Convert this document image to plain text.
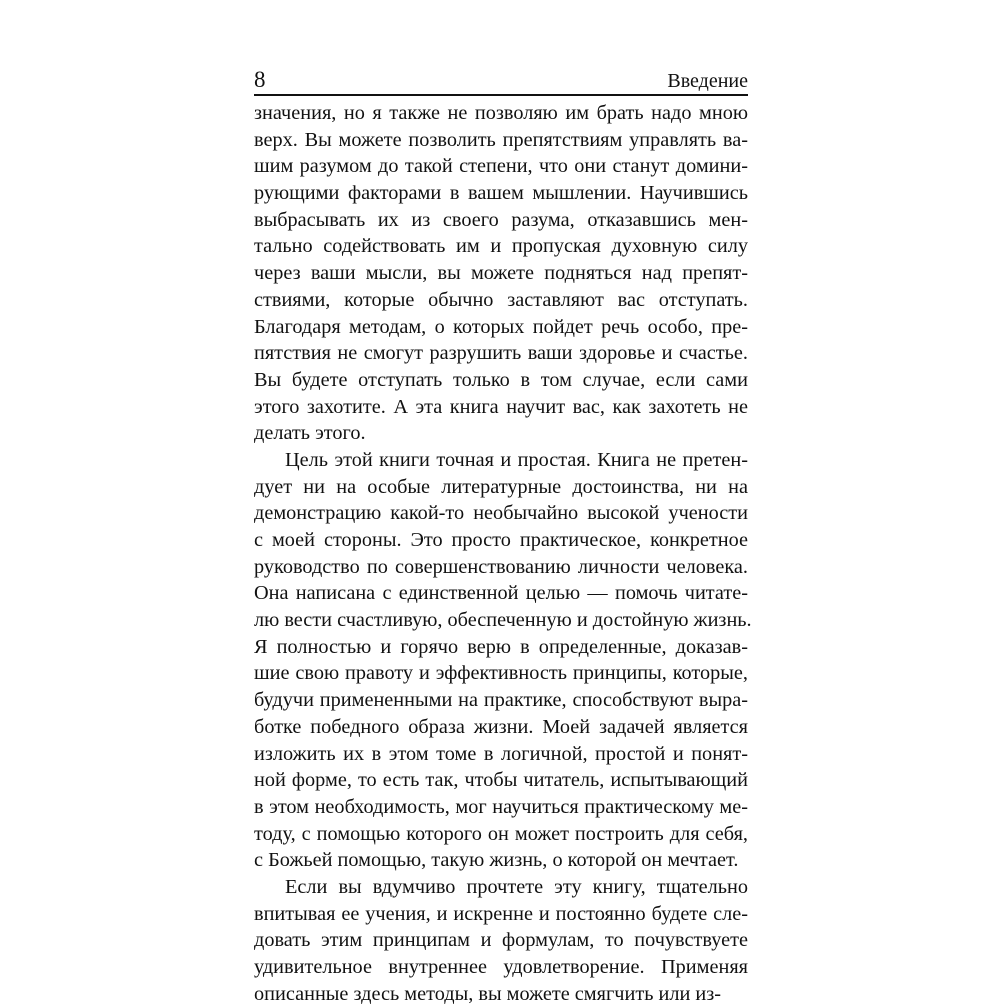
8	Введение
значения, но я также не позволяю им брать надо мною
верх. Вы можете позволить препятствиям управлять ва-
шим разумом до такой степени, что они станут домини-
рующими факторами в вашем мышлении. Научившись
выбрасывать их из своего разума, отказавшись мен-
тально содействовать им и пропуская духовную силу
через ваши мысли, вы можете подняться над препят-
ствиями, которые обычно заставляют вас отступать.
Благодаря методам, о которых пойдет речь особо, пре-
пятствия не смогут разрушить ваши здоровье и счастье.
Вы будете отступать только в том случае, если сами
этого захотите. А эта книга научит вас, как захотеть не
делать этого.
Цель этой книги точная и простая. Книга не претен-
дует ни на особые литературные достоинства, ни на
демонстрацию какой-то необычайно высокой учености
с моей стороны. Это просто практическое, конкретное
руководство по совершенствованию личности человека.
Она написана с единственной целью — помочь читате-
лю вести счастливую, обеспеченную и достойную жизнь.
Я полностью и горячо верю в определенные, доказав-
шие свою правоту и эффективность принципы, которые,
будучи примененными на практике, способствуют выра-
ботке победного образа жизни. Моей задачей является
изложить их в этом томе в логичной, простой и понят-
ной форме, то есть так, чтобы читатель, испытывающий
в этом необходимость, мог научиться практическому ме-
тоду, с помощью которого он может построить для себя,
с Божьей помощью, такую жизнь, о которой он мечтает.
Если вы вдумчиво прочтете эту книгу, тщательно
впитывая ее учения, и искренне и постоянно будете сле-
довать этим принципам и формулам, то почувствуете
удивительное внутреннее удовлетворение. Применяя
описанные здесь методы, вы можете смягчить или из-
